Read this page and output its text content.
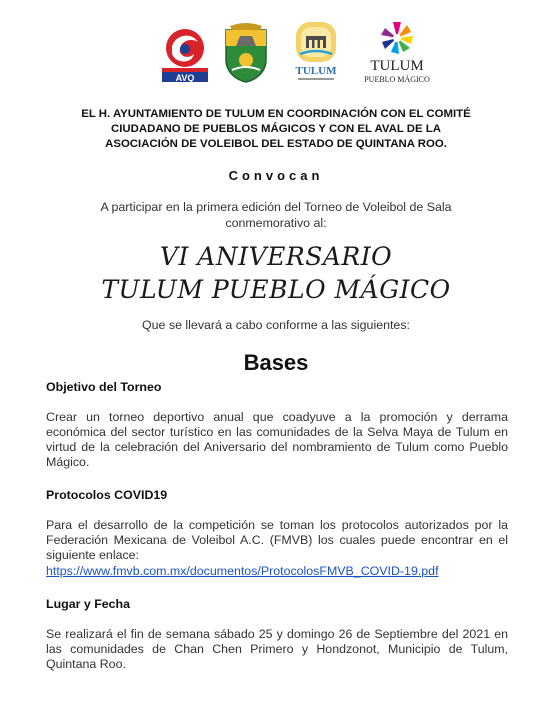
AVQ
TULUM TULUM
PUEBLO MÁGICO
EL H. AYUNTAMIENTO DE TULUM EN COORDINACIÓN CON EL COMITÉ
CIUDADANO DE PUEBLOS MÁGICOS Y CON EL AVAL DE LA
ASOCIACIÓN DE VOLEIBOL DEL ESTADO DE QUINTANA ROO.
Convocan
A participar en la primera edición del Torneo de Voleibol de Sala
conmemorativo al:
VI ANIVERSARIO
TULUM PUEBLO MÁGICO
Que se llevará a cabo conforme a las siguientes:
Bases
Objetivo del Torneo
Crear un torneo deportivo anual que coadyuve a la promoción y derrama económica del sector turístico en las comunidades de la Selva Maya de Tulum en virtud de la celebración del Aniversario del nombramiento de Tulum como Pueblo Mágico.
Protocolos COVID19
Para el desarrollo de la competición se toman los protocolos autorizados por la Federación Mexicana de Voleibol A.C. (FMVB) los cuales puede encontrar en el siguiente enlace:
https://www.fmvb.com.mx/documentos/ProtocolosFMVB_COVID-19.pdf
Lugar y Fecha
Se realizará el fin de semana sábado 25 y domingo 26 de Septiembre del 2021 en las comunidades de Chan Chen Primero y Hondzonot, Municipio de Tulum, Quintana Roo.
